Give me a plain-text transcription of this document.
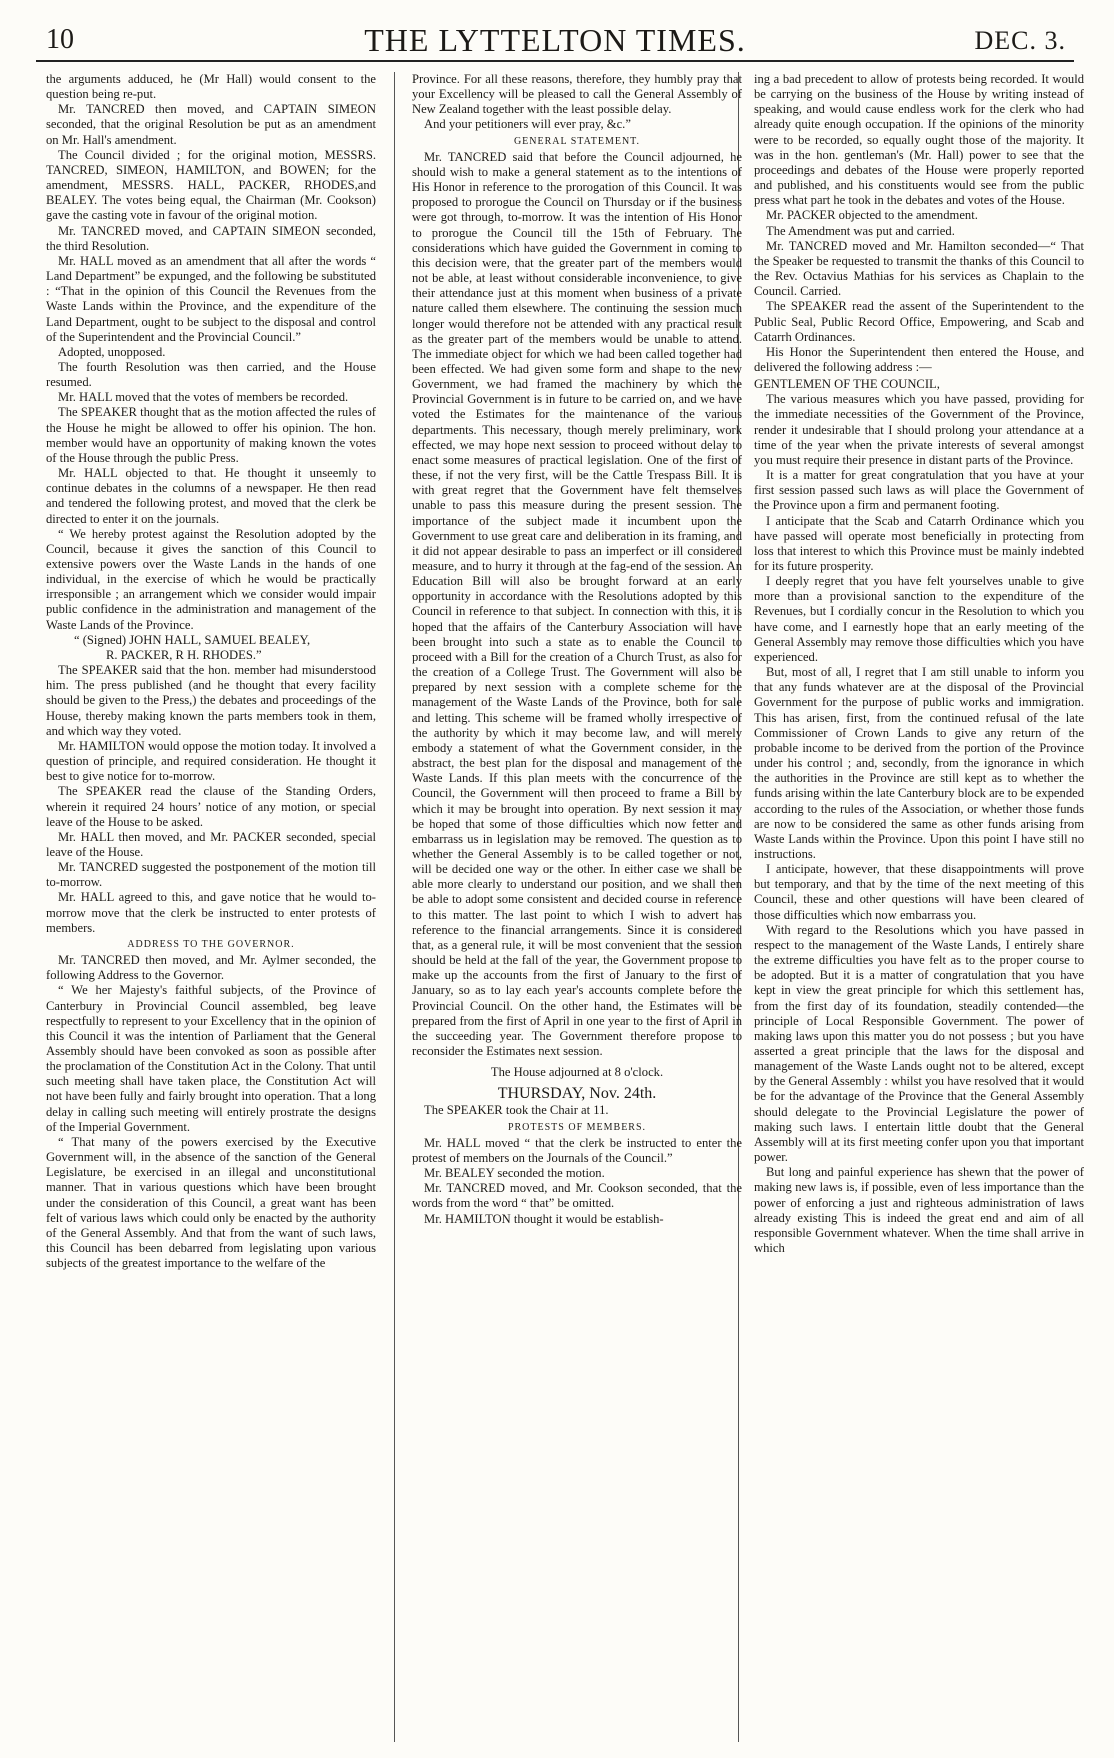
10	THE LYTTELTON TIMES.	DEC. 3.

the arguments adduced, he (Mr Hall) would consent to the question being re-put.

Mr. TANCRED then moved, and CAPTAIN SIMEON seconded, that the original Resolution be put as an amendment on Mr. Hall's amendment.

The Council divided ; for the original motion, MESSRS. TANCRED, SIMEON, HAMILTON, and BOWEN; for the amendment, MESSRS. HALL, PACKER, RHODES,and BEALEY. The votes being equal, the Chairman (Mr. Cookson) gave the casting vote in favour of the original motion.

Mr. TANCRED moved, and CAPTAIN SIMEON seconded, the third Resolution.

Mr. HALL moved as an amendment that all after the words “ Land Department” be expunged, and the following be substituted : “That in the opinion of this Council the Revenues from the Waste Lands within the Province, and the expenditure of the Land Department, ought to be subject to the disposal and control of the Superintendent and the Provincial Council.”

Adopted, unopposed.

The fourth Resolution was then carried, and the House resumed.

Mr. HALL moved that the votes of members be recorded.

The SPEAKER thought that as the motion affected the rules of the House he might be allowed to offer his opinion. The hon. member would have an opportunity of making known the votes of the House through the public Press.

Mr. HALL objected to that. He thought it unseemly to continue debates in the columns of a newspaper. He then read and tendered the following protest, and moved that the clerk be directed to enter it on the journals.

“ We hereby protest against the Resolution adopted by the Council, because it gives the sanction of this Council to extensive powers over the Waste Lands in the hands of one individual, in the exercise of which he would be practically irresponsible ; an arrangement which we consider would impair public confidence in the administration and management of the Waste Lands of the Province.

“ (Signed) JOHN HALL, SAMUEL BEALEY,

R. PACKER, R H. RHODES.”

The SPEAKER said that the hon. member had misunderstood him. The press published (and he thought that every facility should be given to the Press,) the debates and proceedings of the House, thereby making known the parts members took in them, and which way they voted.

Mr. HAMILTON would oppose the motion today. It involved a question of principle, and required consideration. He thought it best to give notice for to-morrow.

The SPEAKER read the clause of the Standing Orders, wherein it required 24 hours’ notice of any motion, or special leave of the House to be asked.

Mr. HALL then moved, and Mr. PACKER seconded, special leave of the House.

Mr. TANCRED suggested the postponement of the motion till to-morrow.

Mr. HALL agreed to this, and gave notice that he would to-morrow move that the clerk be instructed to enter protests of members.

ADDRESS TO THE GOVERNOR.

Mr. TANCRED then moved, and Mr. Aylmer seconded, the following Address to the Governor.

“ We her Majesty's faithful subjects, of the Province of Canterbury in Provincial Council assembled, beg leave respectfully to represent to your Excellency that in the opinion of this Council it was the intention of Parliament that the General Assembly should have been convoked as soon as possible after the proclamation of the Constitution Act in the Colony. That until such meeting shall have taken place, the Constitution Act will not have been fully and fairly brought into operation. That a long delay in calling such meeting will entirely prostrate the designs of the Imperial Government.

“ That many of the powers exercised by the Executive Government will, in the absence of the sanction of the General Legislature, be exercised in an illegal and unconstitutional manner. That in various questions which have been brought under the consideration of this Council, a great want has been felt of various laws which could only be enacted by the authority of the General Assembly. And that from the want of such laws, this Council has been debarred from legislating upon various subjects of the greatest importance to the welfare of the

Province. For all these reasons, therefore, they humbly pray that your Excellency will be pleased to call the General Assembly of New Zealand together with the least possible delay.

And your petitioners will ever pray, &c.”

GENERAL STATEMENT.

Mr. TANCRED said that before the Council adjourned, he should wish to make a general statement as to the intentions of His Honor in reference to the prorogation of this Council. It was proposed to prorogue the Council on Thursday or if the business were got through, to-morrow. It was the intention of His Honor to prorogue the Council till the 15th of February. The considerations which have guided the Government in coming to this decision were, that the greater part of the members would not be able, at least without considerable inconvenience, to give their attendance just at this moment when business of a private nature called them elsewhere. The continuing the session much longer would therefore not be attended with any practical result as the greater part of the members would be unable to attend. The immediate object for which we had been called together had been effected. We had given some form and shape to the new Government, we had framed the machinery by which the Provincial Government is in future to be carried on, and we have voted the Estimates for the maintenance of the various departments. This necessary, though merely preliminary, work effected, we may hope next session to proceed without delay to enact some measures of practical legislation. One of the first of these, if not the very first, will be the Cattle Trespass Bill. It is with great regret that the Government have felt themselves unable to pass this measure during the present session. The importance of the subject made it incumbent upon the Government to use great care and deliberation in its framing, and it did not appear desirable to pass an imperfect or ill considered measure, and to hurry it through at the fag-end of the session. An Education Bill will also be brought forward at an early opportunity in accordance with the Resolutions adopted by this Council in reference to that subject. In connection with this, it is hoped that the affairs of the Canterbury Association will have been brought into such a state as to enable the Council to proceed with a Bill for the creation of a Church Trust, as also for the creation of a College Trust. The Government will also be prepared by next session with a complete scheme for the management of the Waste Lands of the Province, both for sale and letting. This scheme will be framed wholly irrespective of the authority by which it may become law, and will merely embody a statement of what the Government consider, in the abstract, the best plan for the disposal and management of the Waste Lands. If this plan meets with the concurrence of the Council, the Government will then proceed to frame a Bill by which it may be brought into operation. By next session it may be hoped that some of those difficulties which now fetter and embarrass us in legislation may be removed. The question as to whether the General Assembly is to be called together or not, will be decided one way or the other. In either case we shall be able more clearly to understand our position, and we shall then be able to adopt some consistent and decided course in reference to this matter. The last point to which I wish to advert has reference to the financial arrangements. Since it is considered that, as a general rule, it will be most convenient that the session should be held at the fall of the year, the Government propose to make up the accounts from the first of January to the first of January, so as to lay each year's accounts complete before the Provincial Council. On the other hand, the Estimates will be prepared from the first of April in one year to the first of April in the succeeding year. The Government therefore propose to reconsider the Estimates next session.

The House adjourned at 8 o'clock.

THURSDAY, Nov. 24th.

The SPEAKER took the Chair at 11.

PROTESTS OF MEMBERS.

Mr. HALL moved “ that the clerk be instructed to enter the protest of members on the Journals of the Council.”

Mr. BEALEY seconded the motion.

Mr. TANCRED moved, and Mr. Cookson seconded, that the words from the word “ that” be omitted.

Mr. HAMILTON thought it would be establish-

ing a bad precedent to allow of protests being recorded. It would be carrying on the business of the House by writing instead of speaking, and would cause endless work for the clerk who had already quite enough occupation. If the opinions of the minority were to be recorded, so equally ought those of the majority. It was in the hon. gentleman's (Mr. Hall) power to see that the proceedings and debates of the House were properly reported and published, and his constituents would see from the public press what part he took in the debates and votes of the House.

Mr. PACKER objected to the amendment.

The Amendment was put and carried.

Mr. TANCRED moved and Mr. Hamilton seconded—“ That the Speaker be requested to transmit the thanks of this Council to the Rev. Octavius Mathias for his services as Chaplain to the Council. Carried.

The SPEAKER read the assent of the Superintendent to the Public Seal, Public Record Office, Empowering, and Scab and Catarrh Ordinances.

His Honor the Superintendent then entered the House, and delivered the following address :—

GENTLEMEN OF THE COUNCIL,

The various measures which you have passed, providing for the immediate necessities of the Government of the Province, render it undesirable that I should prolong your attendance at a time of the year when the private interests of several amongst you must require their presence in distant parts of the Province.

It is a matter for great congratulation that you have at your first session passed such laws as will place the Government of the Province upon a firm and permanent footing.

I anticipate that the Scab and Catarrh Ordinance which you have passed will operate most beneficially in protecting from loss that interest to which this Province must be mainly indebted for its future prosperity.

I deeply regret that you have felt yourselves unable to give more than a provisional sanction to the expenditure of the Revenues, but I cordially concur in the Resolution to which you have come, and I earnestly hope that an early meeting of the General Assembly may remove those difficulties which you have experienced.

But, most of all, I regret that I am still unable to inform you that any funds whatever are at the disposal of the Provincial Government for the purpose of public works and immigration. This has arisen, first, from the continued refusal of the late Commissioner of Crown Lands to give any return of the probable income to be derived from the portion of the Province under his control ; and, secondly, from the ignorance in which the authorities in the Province are still kept as to whether the funds arising within the late Canterbury block are to be expended according to the rules of the Association, or whether those funds are now to be considered the same as other funds arising from Waste Lands within the Province. Upon this point I have still no instructions.

I anticipate, however, that these disappointments will prove but temporary, and that by the time of the next meeting of this Council, these and other questions will have been cleared of those difficulties which now embarrass you.

With regard to the Resolutions which you have passed in respect to the management of the Waste Lands, I entirely share the extreme difficulties you have felt as to the proper course to be adopted. But it is a matter of congratulation that you have kept in view the great principle for which this settlement has, from the first day of its foundation, steadily contended—the principle of Local Responsible Government. The power of making laws upon this matter you do not possess ; but you have asserted a great principle that the laws for the disposal and management of the Waste Lands ought not to be altered, except by the General Assembly : whilst you have resolved that it would be for the advantage of the Province that the General Assembly should delegate to the Provincial Legislature the power of making such laws. I entertain little doubt that the General Assembly will at its first meeting confer upon you that important power.

But long and painful experience has shewn that the power of making new laws is, if possible, even of less importance than the power of enforcing a just and righteous administration of laws already existing This is indeed the great end and aim of all responsible Government whatever. When the time shall arrive in which
